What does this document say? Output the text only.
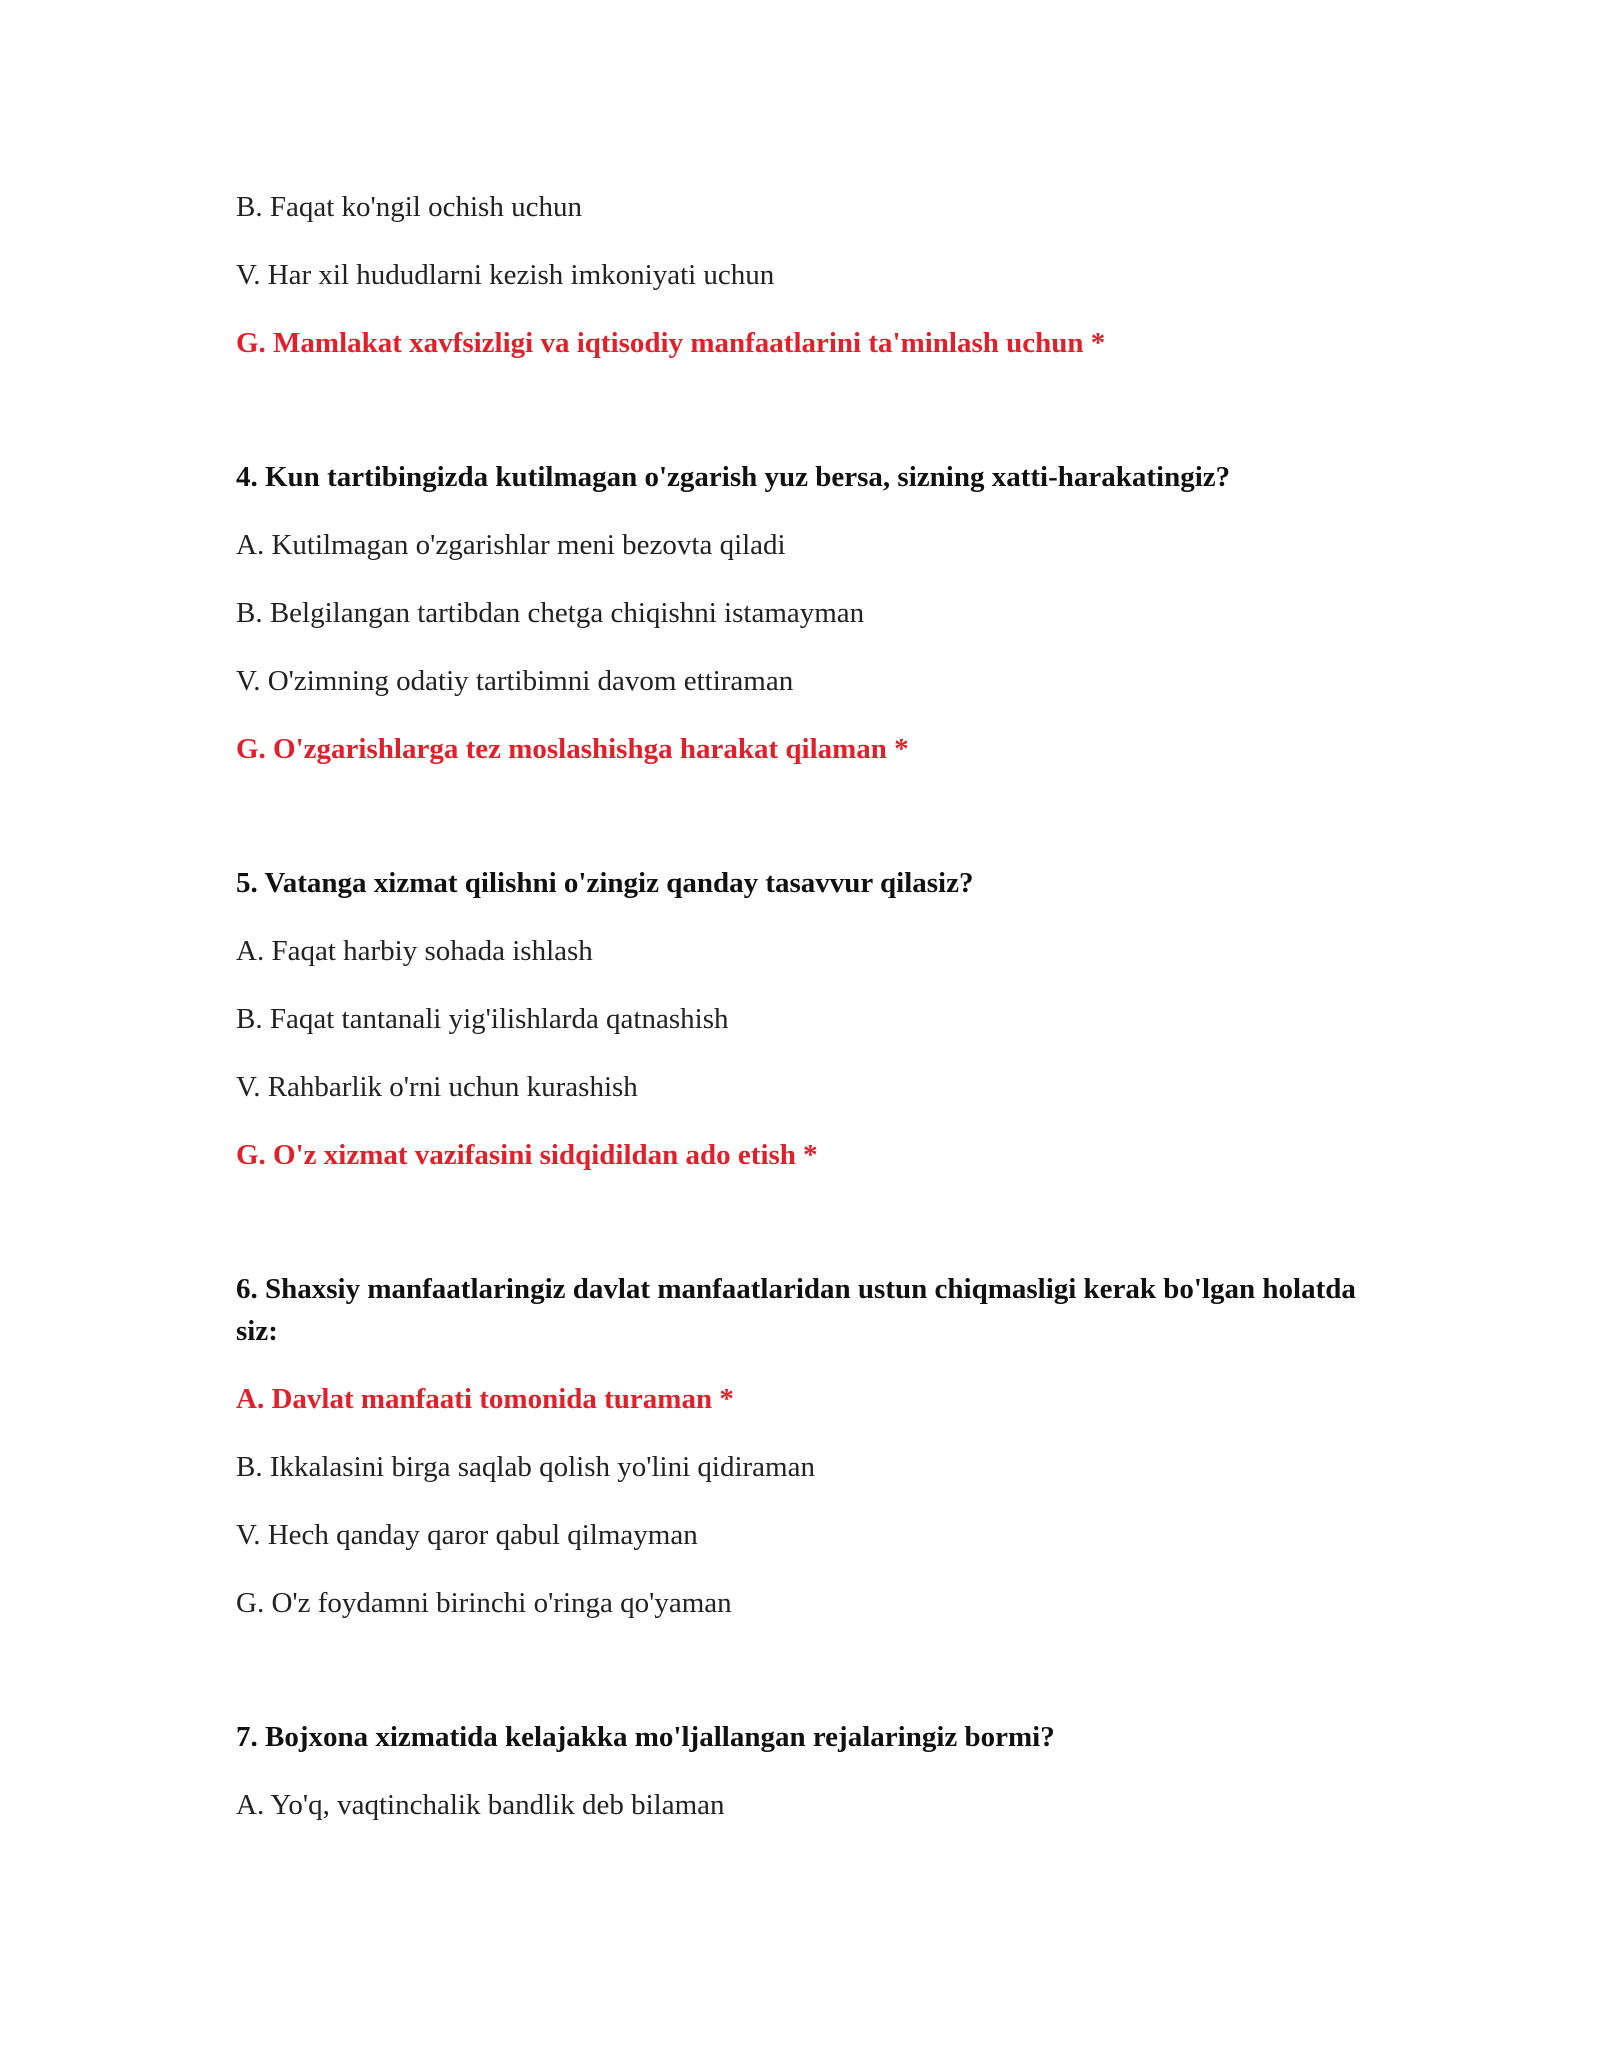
B. Faqat ko'ngil ochish uchun

V. Har xil hududlarni kezish imkoniyati uchun

G. Mamlakat xavfsizligi va iqtisodiy manfaatlarini ta'minlash uchun *

4. Kun tartibingizda kutilmagan o'zgarish yuz bersa, sizning xatti-harakatingiz?

A. Kutilmagan o'zgarishlar meni bezovta qiladi

B. Belgilangan tartibdan chetga chiqishni istamayman

V. O'zimning odatiy tartibimni davom ettiraman

G. O'zgarishlarga tez moslashishga harakat qilaman *

5. Vatanga xizmat qilishni o'zingiz qanday tasavvur qilasiz?

A. Faqat harbiy sohada ishlash

B. Faqat tantanali yig'ilishlarda qatnashish

V. Rahbarlik o'rni uchun kurashish

G. O'z xizmat vazifasini sidqidildan ado etish *

6. Shaxsiy manfaatlaringiz davlat manfaatlaridan ustun chiqmasligi kerak bo'lgan holatda siz:

A. Davlat manfaati tomonida turaman *

B. Ikkalasini birga saqlab qolish yo'lini qidiraman

V. Hech qanday qaror qabul qilmayman

G. O'z foydamni birinchi o'ringa qo'yaman

7. Bojxona xizmatida kelajakka mo'ljallangan rejalaringiz bormi?

A. Yo'q, vaqtinchalik bandlik deb bilaman
